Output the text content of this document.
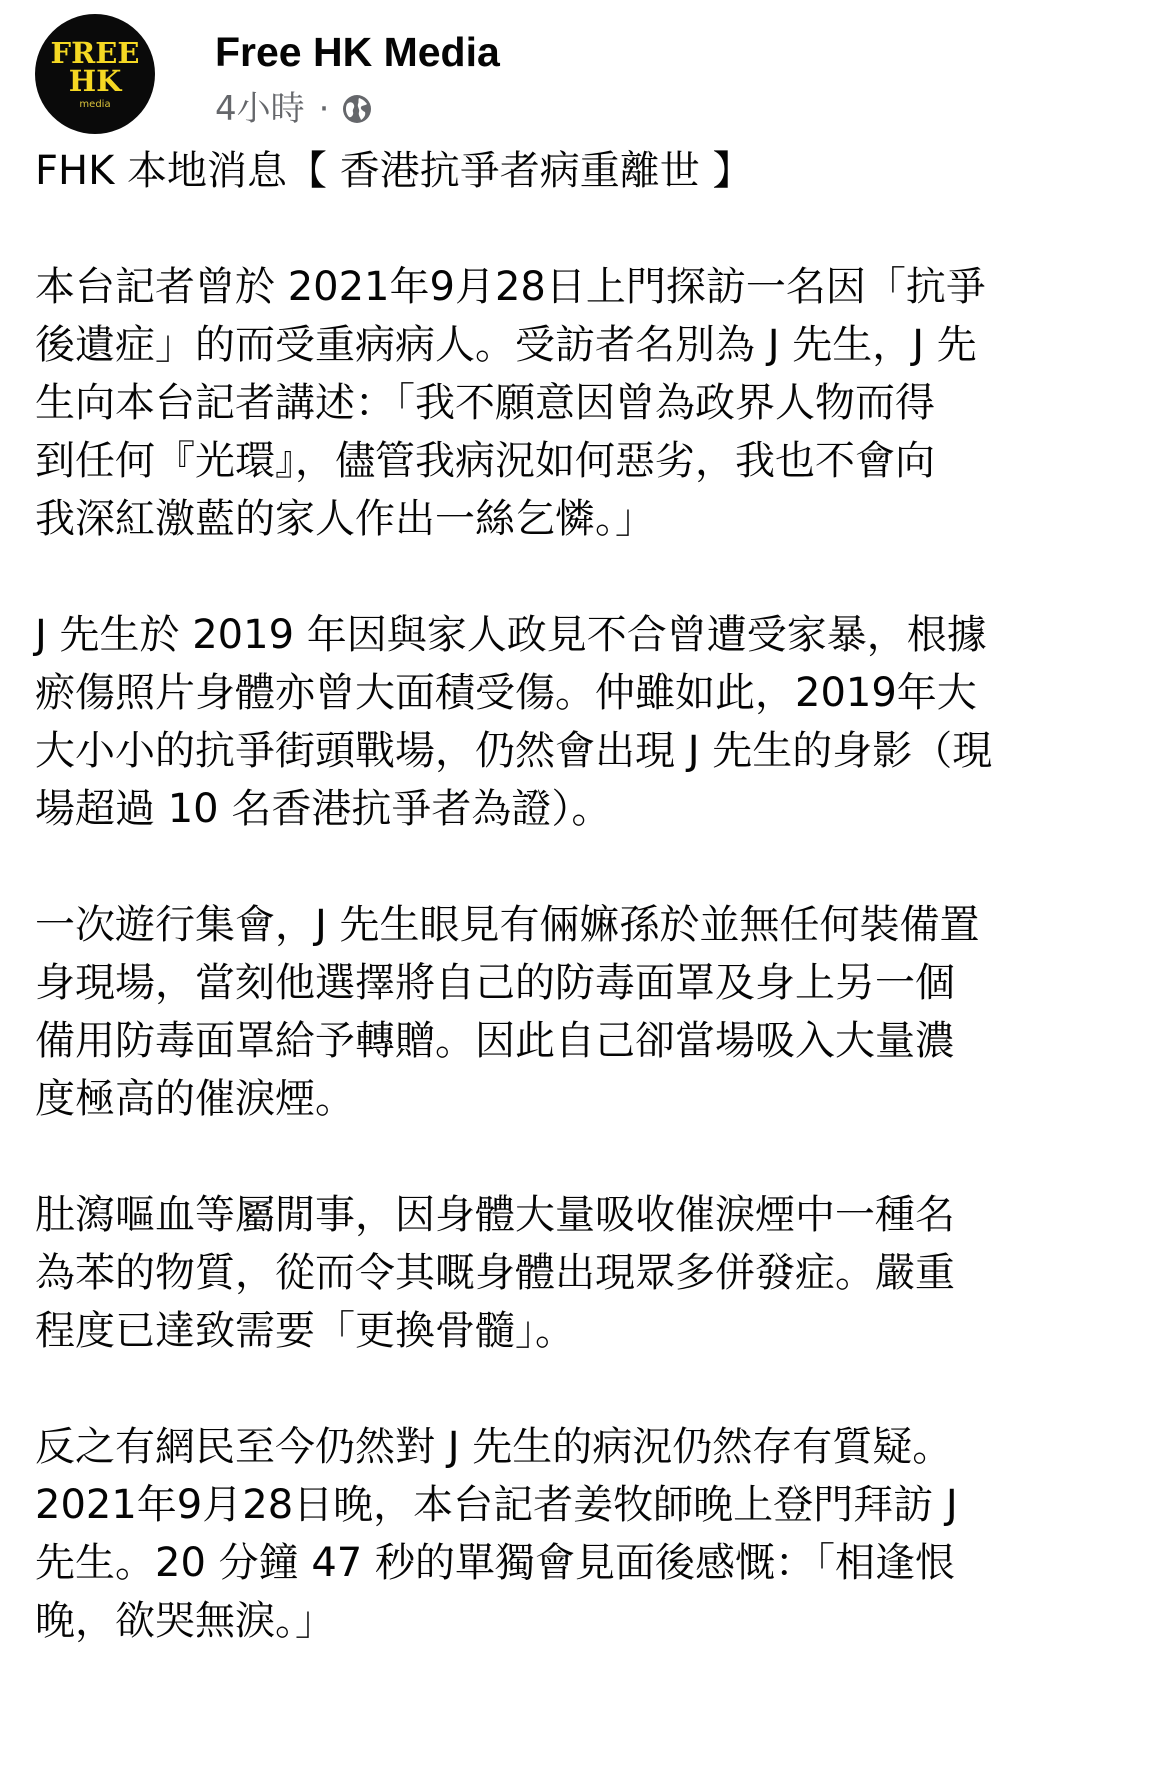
FREE
HK
media
Free HK Media
4小時 ·

FHK 本地消息【 香港抗爭者病重離世 】

本台記者曾於 2021年9月28日上門探訪一名因「抗爭
後遺症」的而受重病病人。受訪者名別為 J 先生，J 先
生向本台記者講述：「我不願意因曾為政界人物而得
到任何『光環』，儘管我病況如何惡劣，我也不會向
我深紅激藍的家人作出一絲乞憐。」

J 先生於 2019 年因與家人政見不合曾遭受家暴，根據
瘀傷照片身體亦曾大面積受傷。仲雖如此，2019年大
大小小的抗爭街頭戰場，仍然會出現 J 先生的身影（現
場超過 10 名香港抗爭者為證）。

一次遊行集會，J 先生眼見有倆嫲孫於並無任何裝備置
身現場，當刻他選擇將自己的防毒面罩及身上另一個
備用防毒面罩給予轉贈。因此自己卻當場吸入大量濃
度極高的催淚煙。

肚瀉嘔血等屬閒事，因身體大量吸收催淚煙中一種名
為苯的物質，從而令其嘅身體出現眾多併發症。嚴重
程度已達致需要「更換骨髓」。

反之有網民至今仍然對 J 先生的病況仍然存有質疑。
2021年9月28日晚，本台記者姜牧師晚上登門拜訪 J
先生。20 分鐘 47 秒的單獨會見面後感慨：「相逢恨
晚，欲哭無淚。」
